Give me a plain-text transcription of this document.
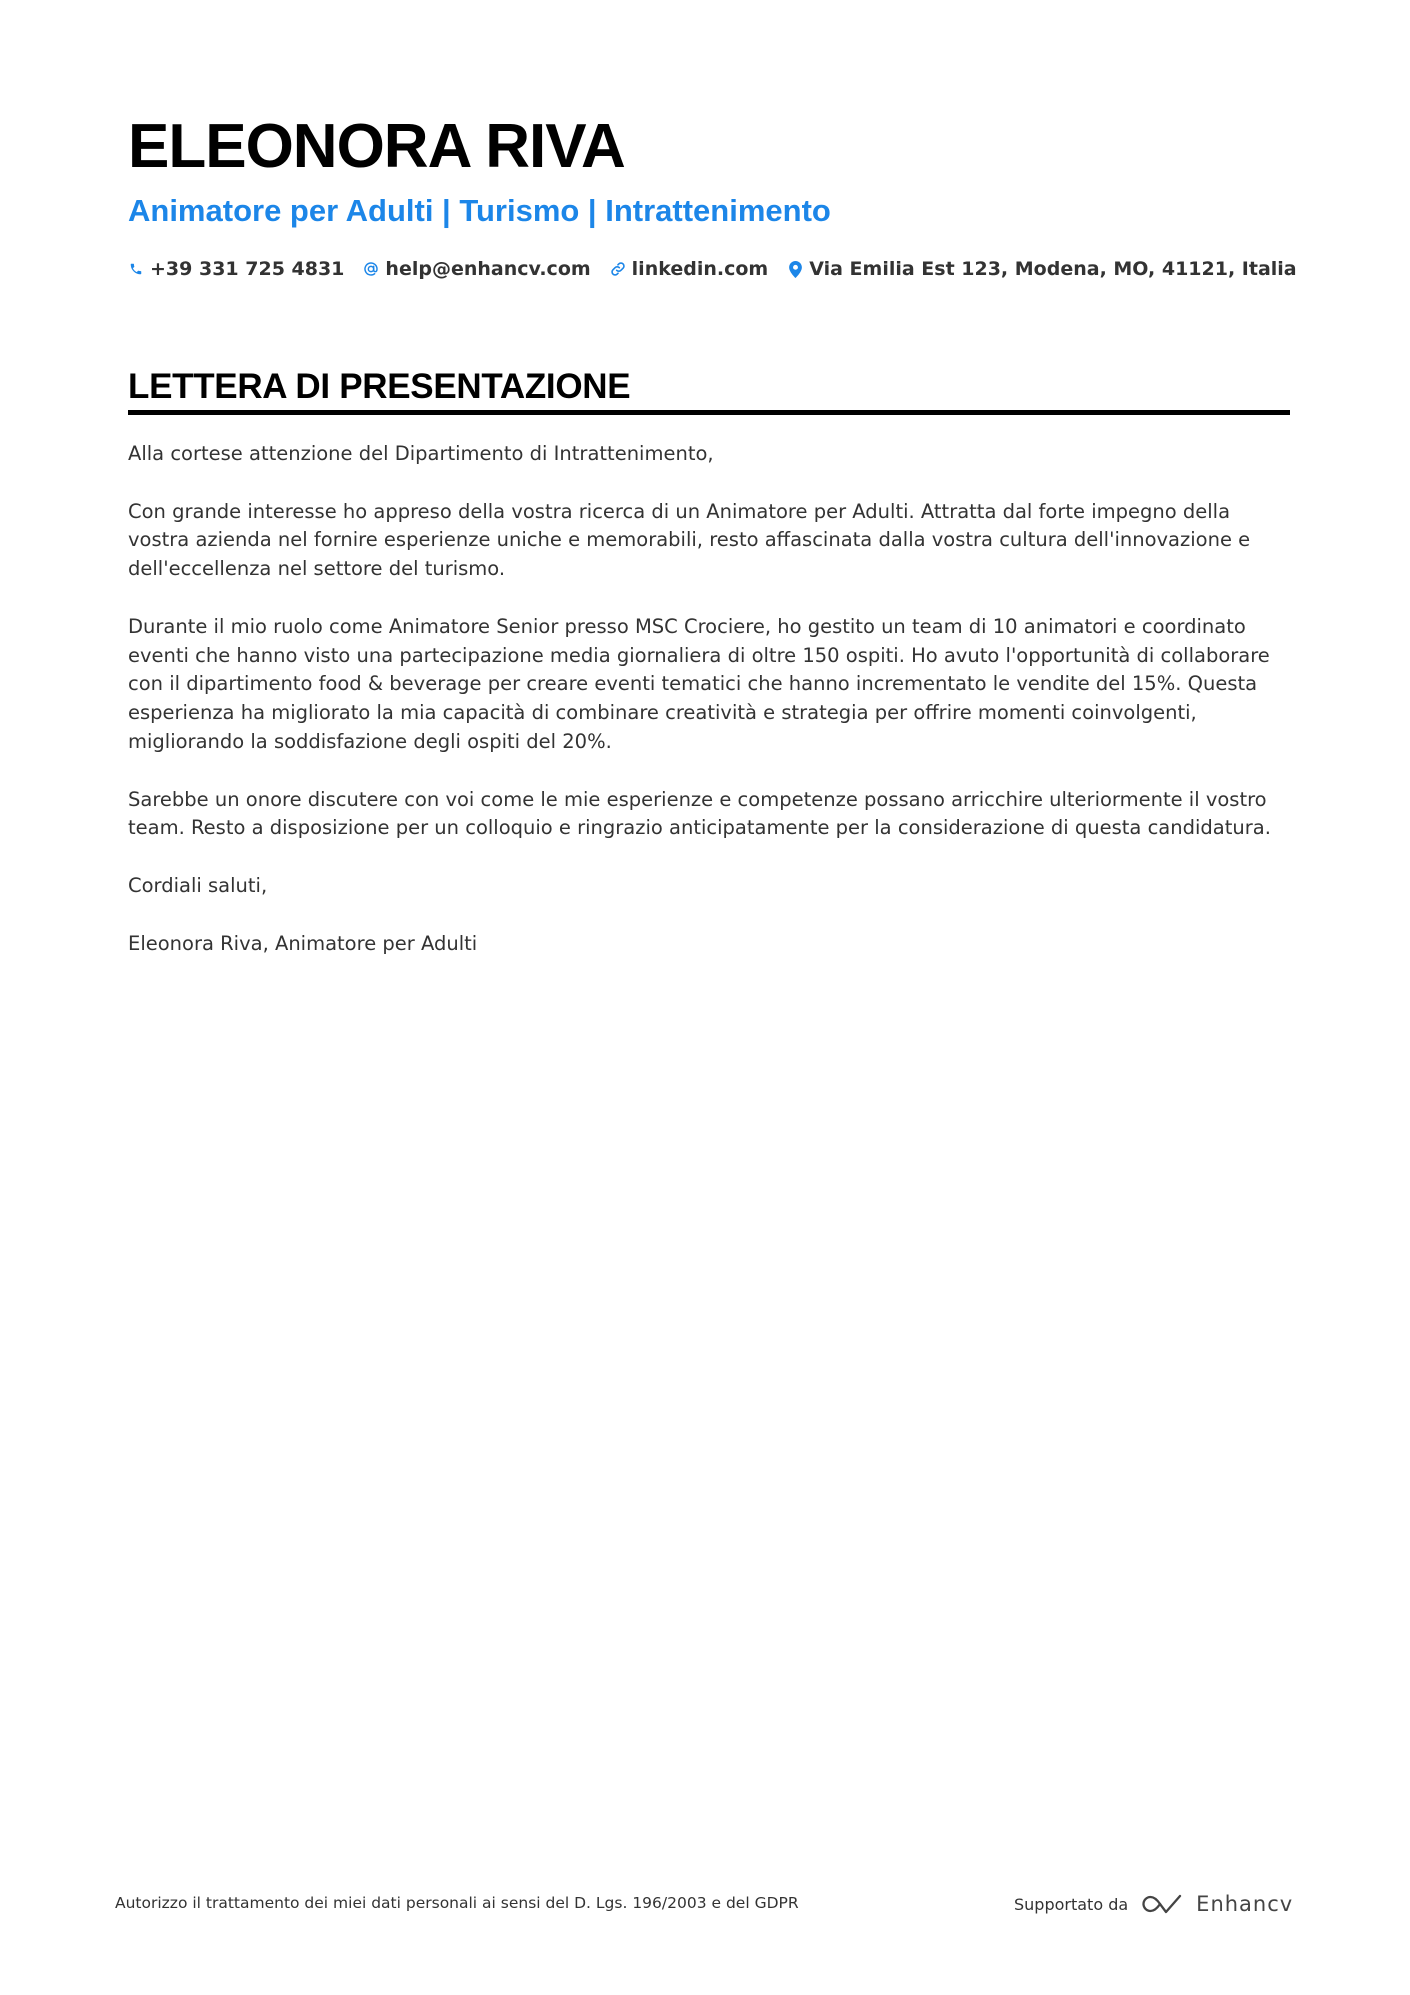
ELEONORA RIVA
Animatore per Adulti | Turismo | Intrattenimento
+39 331 725 4831 help@enhancv.com linkedin.com Via Emilia Est 123, Modena, MO, 41121, Italia
LETTERA DI PRESENTAZIONE

Alla cortese attenzione del Dipartimento di Intrattenimento,

Con grande interesse ho appreso della vostra ricerca di un Animatore per Adulti. Attratta dal forte impegno della vostra azienda nel fornire esperienze uniche e memorabili, resto affascinata dalla vostra cultura dell'innovazione e dell'eccellenza nel settore del turismo.

Durante il mio ruolo come Animatore Senior presso MSC Crociere, ho gestito un team di 10 animatori e coordinato eventi che hanno visto una partecipazione media giornaliera di oltre 150 ospiti. Ho avuto l'opportunità di collaborare con il dipartimento food & beverage per creare eventi tematici che hanno incrementato le vendite del 15%. Questa esperienza ha migliorato la mia capacità di combinare creatività e strategia per offrire momenti coinvolgenti, migliorando la soddisfazione degli ospiti del 20%.

Sarebbe un onore discutere con voi come le mie esperienze e competenze possano arricchire ulteriormente il vostro team. Resto a disposizione per un colloquio e ringrazio anticipatamente per la considerazione di questa candidatura.

Cordiali saluti,

Eleonora Riva, Animatore per Adulti

Autorizzo il trattamento dei miei dati personali ai sensi del D. Lgs. 196/2003 e del GDPR	Supportato da	Enhancv
